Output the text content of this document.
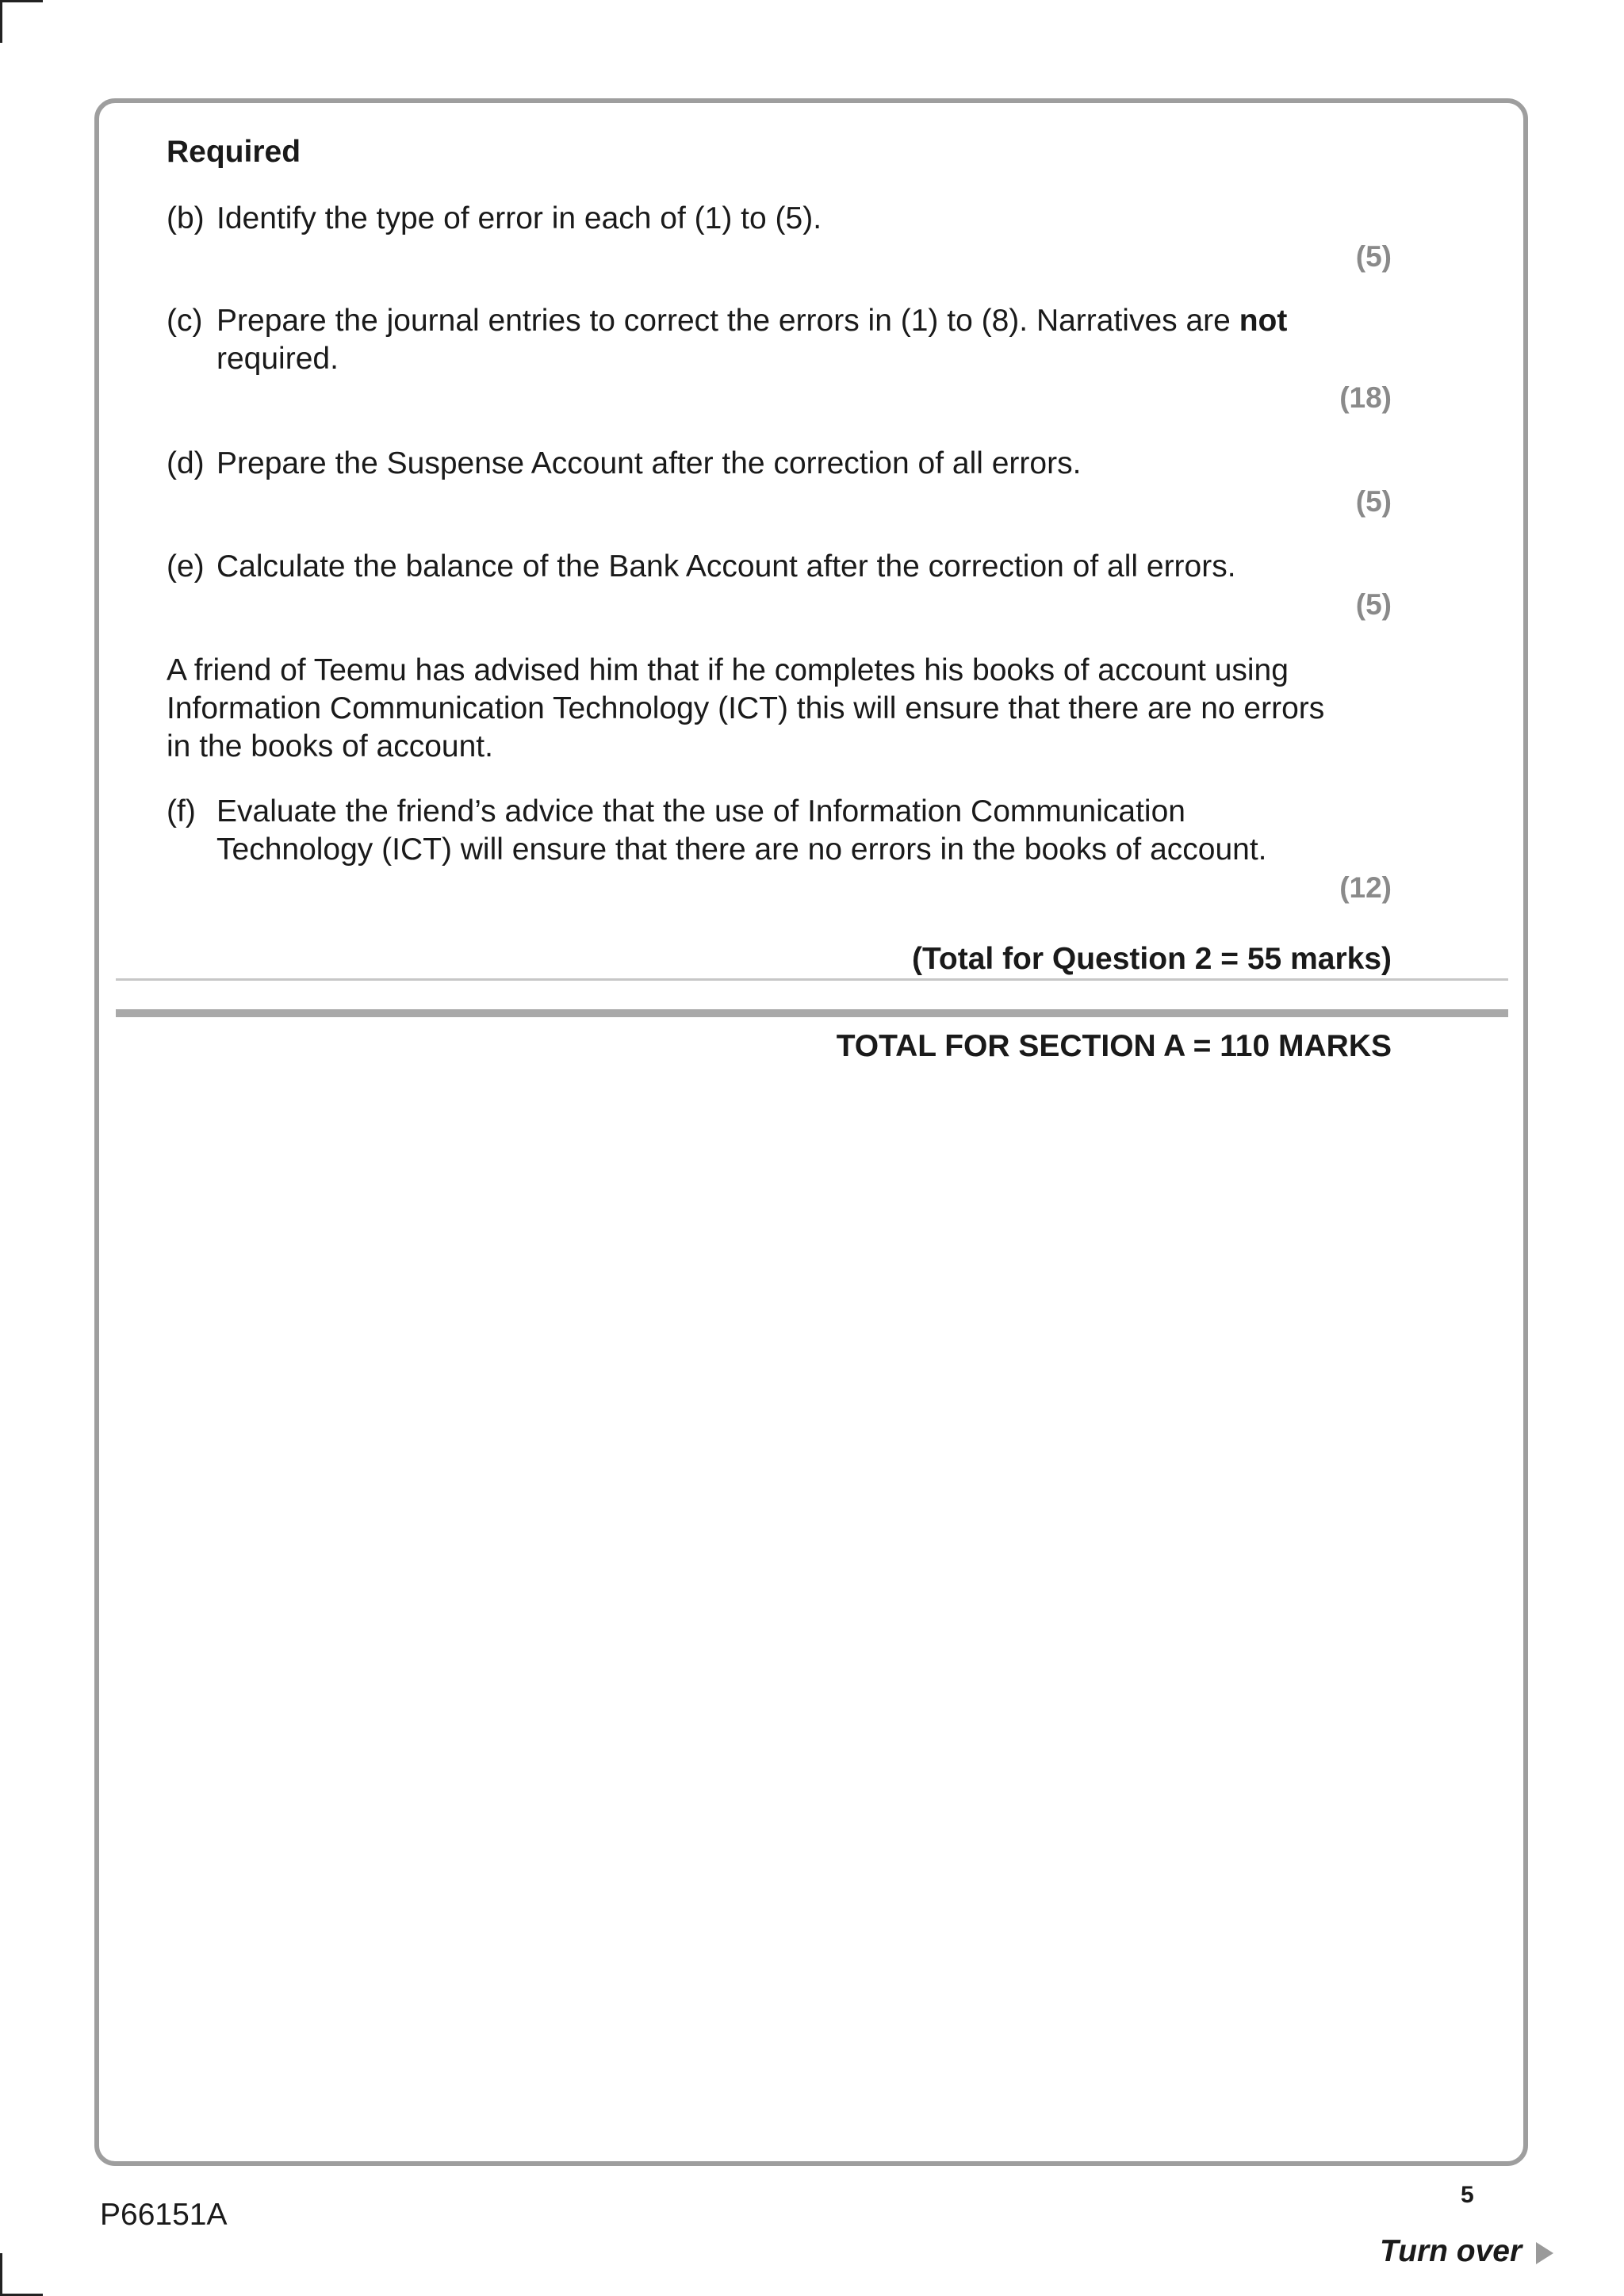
Required
(b) Identify the type of error in each of (1) to (5).
(5)
(c) Prepare the journal entries to correct the errors in (1) to (8). Narratives are not
required.
(18)
(d) Prepare the Suspense Account after the correction of all errors.
(5)
(e) Calculate the balance of the Bank Account after the correction of all errors.
(5)
A friend of Teemu has advised him that if he completes his books of account using
Information Communication Technology (ICT) this will ensure that there are no errors
in the books of account.
(f) Evaluate the friend’s advice that the use of Information Communication
Technology (ICT) will ensure that there are no errors in the books of account.
(12)
(Total for Question 2 = 55 marks)
TOTAL FOR SECTION A = 110 MARKS
P66151A
5
Turn over
